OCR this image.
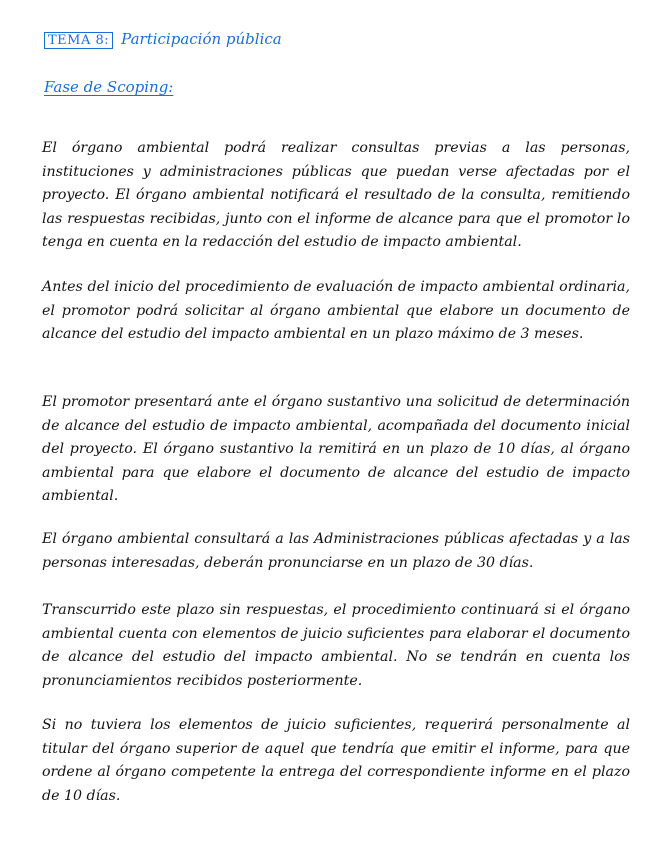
TEMA 8: Participación pública
Fase de Scoping:

El órgano ambiental podrá realizar consultas previas a las personas, instituciones y administraciones públicas que puedan verse afectadas por el proyecto. El órgano ambiental notificará el resultado de la consulta, remitiendo las respuestas recibidas, junto con el informe de alcance para que el promotor lo tenga en cuenta en la redacción del estudio de impacto ambiental.

Antes del inicio del procedimiento de evaluación de impacto ambiental ordinaria, el promotor podrá solicitar al órgano ambiental que elabore un documento de alcance del estudio del impacto ambiental en un plazo máximo de 3 meses.

El promotor presentará ante el órgano sustantivo una solicitud de determinación de alcance del estudio de impacto ambiental, acompañada del documento inicial del proyecto. El órgano sustantivo la remitirá en un plazo de 10 días, al órgano ambiental para que elabore el documento de alcance del estudio de impacto ambiental.

El órgano ambiental consultará a las Administraciones públicas afectadas y a las personas interesadas, deberán pronunciarse en un plazo de 30 días.

Transcurrido este plazo sin respuestas, el procedimiento continuará si el órgano ambiental cuenta con elementos de juicio suficientes para elaborar el documento de alcance del estudio del impacto ambiental. No se tendrán en cuenta los pronunciamientos recibidos posteriormente.

Si no tuviera los elementos de juicio suficientes, requerirá personalmente al titular del órgano superior de aquel que tendría que emitir el informe, para que ordene al órgano competente la entrega del correspondiente informe en el plazo de 10 días.
